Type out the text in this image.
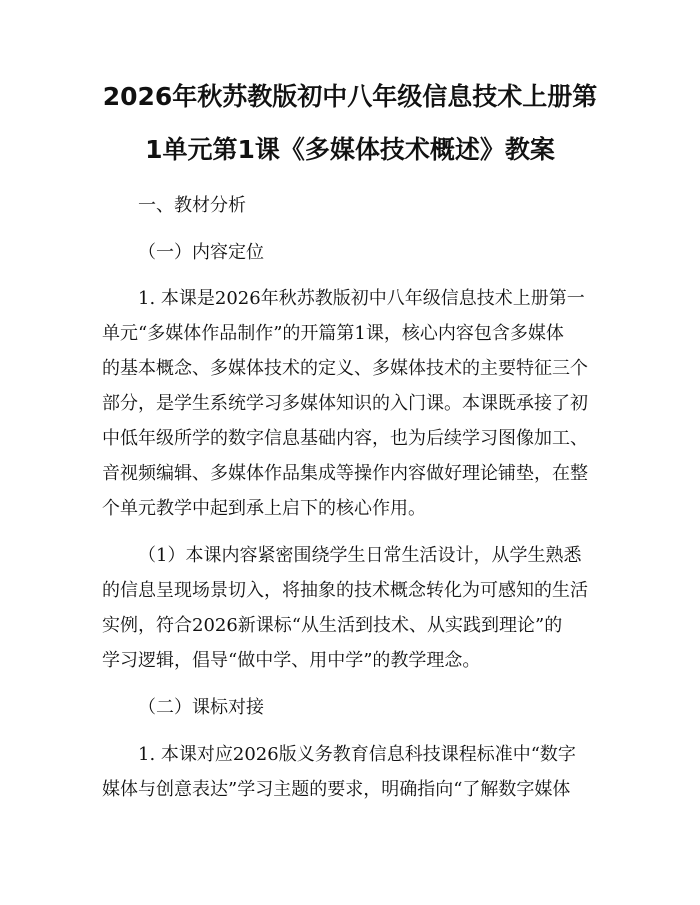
2026年秋苏教版初中八年级信息技术上册第
1单元第1课《多媒体技术概述》教案
一、教材分析
（一）内容定位
1. 本课是2026年秋苏教版初中八年级信息技术上册第一
单元“多媒体作品制作”的开篇第1课，核心内容包含多媒体
的基本概念、多媒体技术的定义、多媒体技术的主要特征三个
部分，是学生系统学习多媒体知识的入门课。本课既承接了初
中低年级所学的数字信息基础内容，也为后续学习图像加工、
音视频编辑、多媒体作品集成等操作内容做好理论铺垫，在整
个单元教学中起到承上启下的核心作用。
（1）本课内容紧密围绕学生日常生活设计，从学生熟悉
的信息呈现场景切入，将抽象的技术概念转化为可感知的生活
实例，符合2026新课标“从生活到技术、从实践到理论”的
学习逻辑，倡导“做中学、用中学”的教学理念。
（二）课标对接
1. 本课对应2026版义务教育信息科技课程标准中“数字
媒体与创意表达”学习主题的要求，明确指向“了解数字媒体
